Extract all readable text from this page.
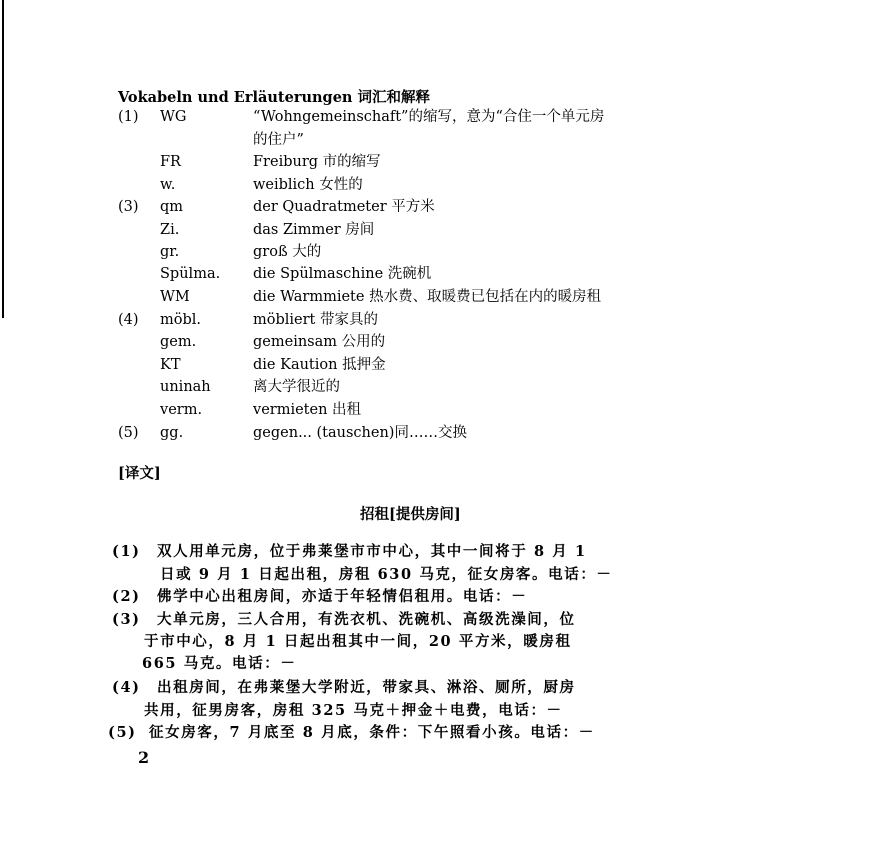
Vokabeln und Erläuterungen 词汇和解释
(1) WG	“Wohngemeinschaft”的缩写，意为“合住一个单元房
的住户”
FR	Freiburg 市的缩写
w.	weiblich 女性的
(3) qm	der Quadratmeter 平方米
Zi.	das Zimmer 房间
gr.	groß 大的
Spülma. die Spülmaschine 洗碗机
WM	die Warmmiete 热水费、取暖费已包括在内的暖房租
(4) möbl.	möbliert 带家具的
gem.	gemeinsam 公用的
KT	die Kaution 抵押金
uninah	离大学很近的
verm.	vermieten 出租
(5) gg.	gegen... (tauschen)同……交换
[译文]
招租[提供房间]
(1) 双人用单元房，位于弗莱堡市市中心，其中一间将于 8 月 1
日或 9 月 1 日起出租，房租 630 马克，征女房客。电话：－
(2) 佛学中心出租房间，亦适于年轻情侣租用。电话：－
(3) 大单元房，三人合用，有洗衣机、洗碗机、高级洗澡间，位
于市中心，8 月 1 日起出租其中一间，20 平方米，暖房租
665 马克。电话：－
(4) 出租房间，在弗莱堡大学附近，带家具、淋浴、厕所，厨房
共用，征男房客，房租 325 马克＋押金＋电费，电话：－
(5) 征女房客，7 月底至 8 月底，条件：下午照看小孩。电话：－
2
